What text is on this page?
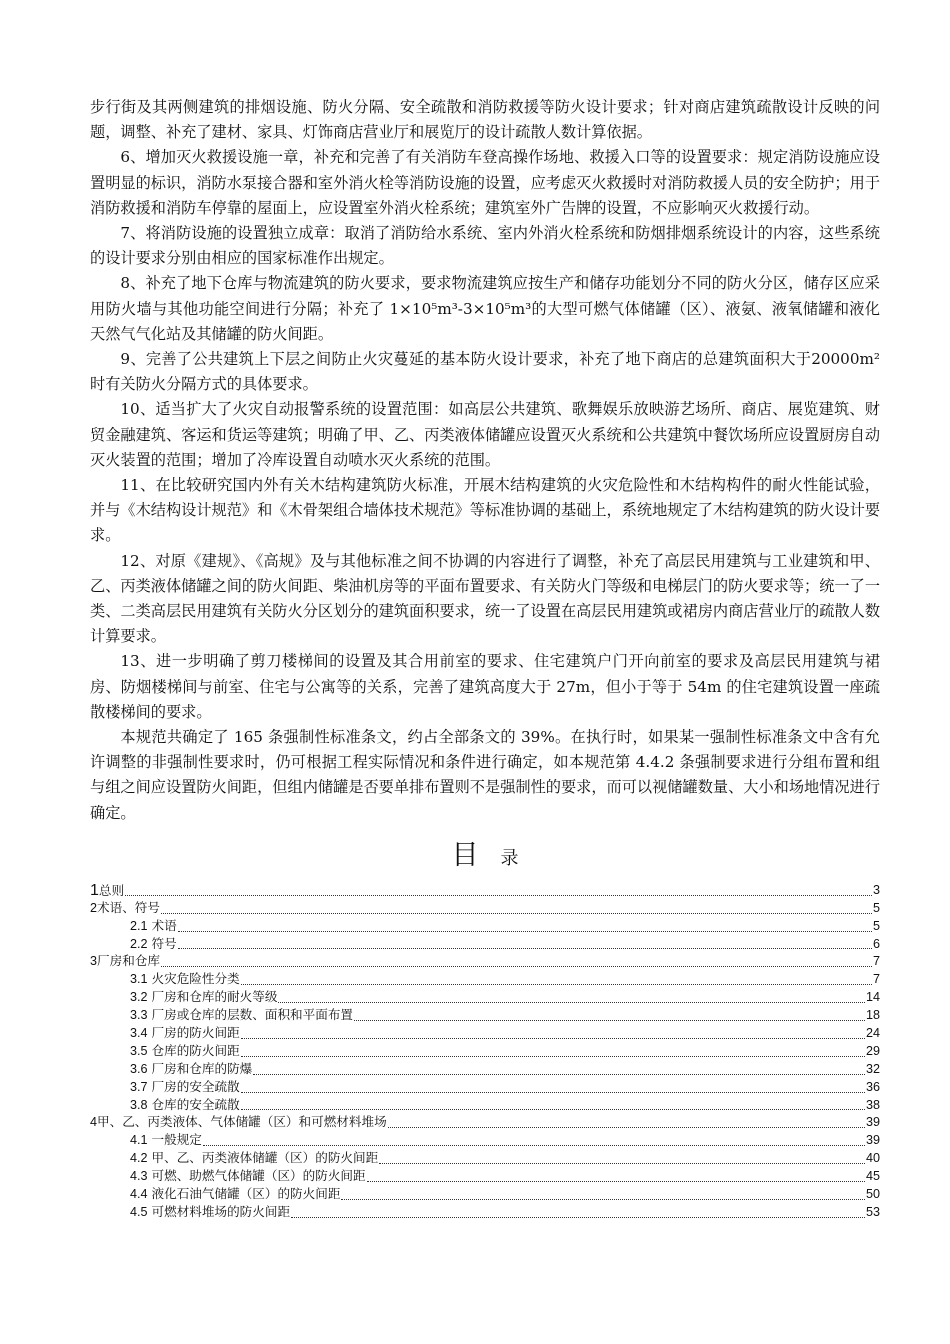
步行街及其两侧建筑的排烟设施、防火分隔、安全疏散和消防救援等防火设计要求；针对商店建筑疏散设计反映的问题，调整、补充了建材、家具、灯饰商店营业厅和展览厅的设计疏散人数计算依据。

6、增加灭火救援设施一章，补充和完善了有关消防车登高操作场地、救援入口等的设置要求：规定消防设施应设置明显的标识，消防水泵接合器和室外消火栓等消防设施的设置，应考虑灭火救援时对消防救援人员的安全防护；用于消防救援和消防车停靠的屋面上，应设置室外消火栓系统；建筑室外广告牌的设置，不应影响灭火救援行动。

7、将消防设施的设置独立成章：取消了消防给水系统、室内外消火栓系统和防烟排烟系统设计的内容，这些系统的设计要求分别由相应的国家标准作出规定。

8、补充了地下仓库与物流建筑的防火要求，要求物流建筑应按生产和储存功能划分不同的防火分区，储存区应采用防火墙与其他功能空间进行分隔；补充了 1×10⁵m³-3×10⁵m³的大型可燃气体储罐（区）、液氨、液氧储罐和液化天然气气化站及其储罐的防火间距。

9、完善了公共建筑上下层之间防止火灾蔓延的基本防火设计要求，补充了地下商店的总建筑面积大于20000m²时有关防火分隔方式的具体要求。

10、适当扩大了火灾自动报警系统的设置范围：如高层公共建筑、歌舞娱乐放映游艺场所、商店、展览建筑、财贸金融建筑、客运和货运等建筑；明确了甲、乙、丙类液体储罐应设置灭火系统和公共建筑中餐饮场所应设置厨房自动灭火装置的范围；增加了冷库设置自动喷水灭火系统的范围。

11、在比较研究国内外有关木结构建筑防火标准，开展木结构建筑的火灾危险性和木结构构件的耐火性能试验，并与《木结构设计规范》和《木骨架组合墙体技术规范》等标准协调的基础上，系统地规定了木结构建筑的防火设计要求。

12、对原《建规》、《高规》及与其他标准之间不协调的内容进行了调整，补充了高层民用建筑与工业建筑和甲、乙、丙类液体储罐之间的防火间距、柴油机房等的平面布置要求、有关防火门等级和电梯层门的防火要求等；统一了一类、二类高层民用建筑有关防火分区划分的建筑面积要求，统一了设置在高层民用建筑或裙房内商店营业厅的疏散人数计算要求。

13、进一步明确了剪刀楼梯间的设置及其合用前室的要求、住宅建筑户门开向前室的要求及高层民用建筑与裙房、防烟楼梯间与前室、住宅与公寓等的关系，完善了建筑高度大于 27m，但小于等于 54m 的住宅建筑设置一座疏散楼梯间的要求。

本规范共确定了 165 条强制性标准条文，约占全部条文的 39%。在执行时，如果某一强制性标准条文中含有允许调整的非强制性要求时，仍可根据工程实际情况和条件进行确定，如本规范第 4.4.2 条强制要求进行分组布置和组与组之间应设置防火间距，但组内储罐是否要单排布置则不是强制性的要求，而可以视储罐数量、大小和场地情况进行确定。

目 录
1总则	3
2术语、符号	5
2.1 术语	5
2.2 符号	6
3厂房和仓库	7
3.1 火灾危险性分类	7
3.2 厂房和仓库的耐火等级	14
3.3 厂房或仓库的层数、面积和平面布置	18
3.4 厂房的防火间距	24
3.5 仓库的防火间距	29
3.6 厂房和仓库的防爆	32
3.7 厂房的安全疏散	36
3.8 仓库的安全疏散	38
4甲、乙、丙类液体、气体储罐（区）和可燃材料堆场	39
4.1 一般规定	39
4.2 甲、乙、丙类液体储罐（区）的防火间距	40
4.3 可燃、助燃气体储罐（区）的防火间距	45
4.4 液化石油气储罐（区）的防火间距	50
4.5 可燃材料堆场的防火间距	53
